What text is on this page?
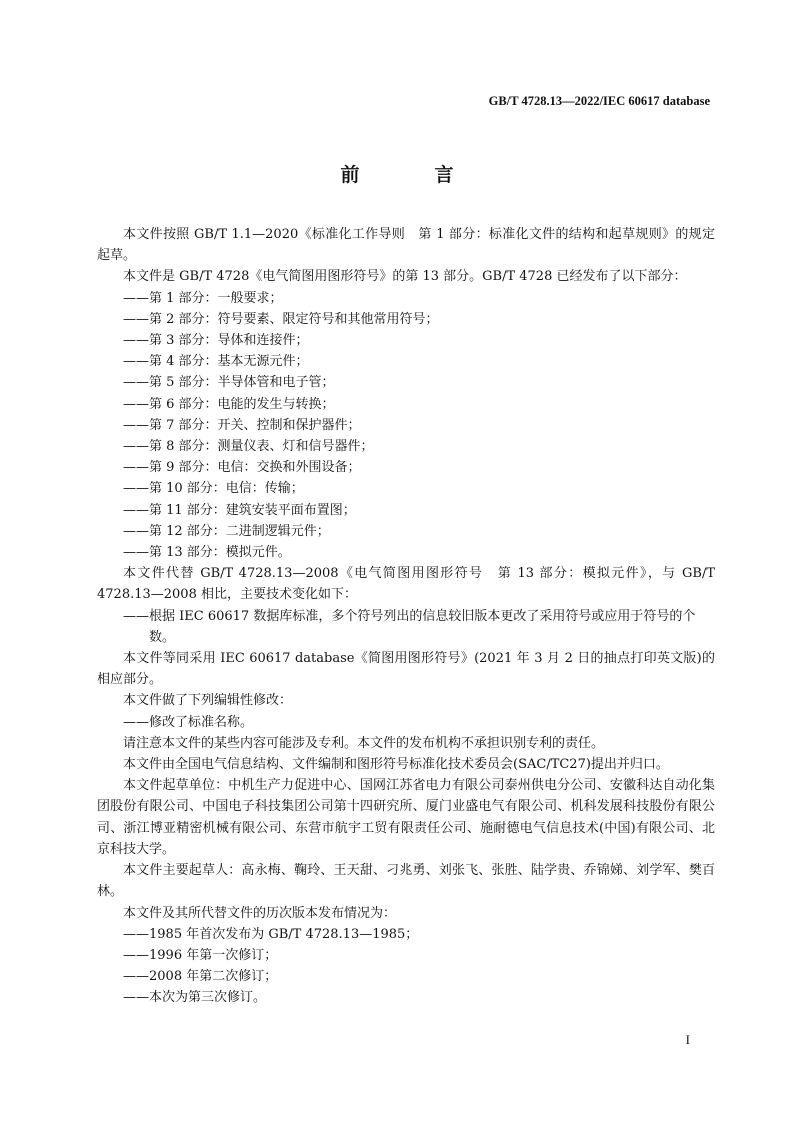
GB/T 4728.13—2022/IEC 60617 database
前　言

本文件按照 GB/T 1.1—2020《标准化工作导则　第 1 部分：标准化文件的结构和起草规则》的规定起草。

本文件是 GB/T 4728《电气简图用图形符号》的第 13 部分。GB/T 4728 已经发布了以下部分：

——第 1 部分：一般要求；

——第 2 部分：符号要素、限定符号和其他常用符号；

——第 3 部分：导体和连接件；

——第 4 部分：基本无源元件；

——第 5 部分：半导体管和电子管；

——第 6 部分：电能的发生与转换；

——第 7 部分：开关、控制和保护器件；

——第 8 部分：测量仪表、灯和信号器件；

——第 9 部分：电信：交换和外围设备；

——第 10 部分：电信：传输；

——第 11 部分：建筑安装平面布置图；

——第 12 部分：二进制逻辑元件；

——第 13 部分：模拟元件。

本文件代替 GB/T 4728.13—2008《电气简图用图形符号　第 13 部分：模拟元件》，与 GB/T 4728.13—2008 相比，主要技术变化如下：

——根据 IEC 60617 数据库标准，多个符号列出的信息较旧版本更改了采用符号或应用于符号的个数。

本文件等同采用 IEC 60617 database《简图用图形符号》(2021 年 3 月 2 日的抽点打印英文版)的相应部分。

本文件做了下列编辑性修改：

——修改了标准名称。

请注意本文件的某些内容可能涉及专利。本文件的发布机构不承担识别专利的责任。

本文件由全国电气信息结构、文件编制和图形符号标准化技术委员会(SAC/TC27)提出并归口。

本文件起草单位：中机生产力促进中心、国网江苏省电力有限公司泰州供电分公司、安徽科达自动化集团股份有限公司、中国电子科技集团公司第十四研究所、厦门业盛电气有限公司、机科发展科技股份有限公司、浙江博亚精密机械有限公司、东营市航宇工贸有限责任公司、施耐德电气信息技术(中国)有限公司、北京科技大学。

本文件主要起草人：高永梅、鞠玲、王天甜、刁兆勇、刘张飞、张胜、陆学贵、乔锦娣、刘学军、樊百林。

本文件及其所代替文件的历次版本发布情况为：

——1985 年首次发布为 GB/T 4728.13—1985；

——1996 年第一次修订；

——2008 年第二次修订；

——本次为第三次修订。

I
